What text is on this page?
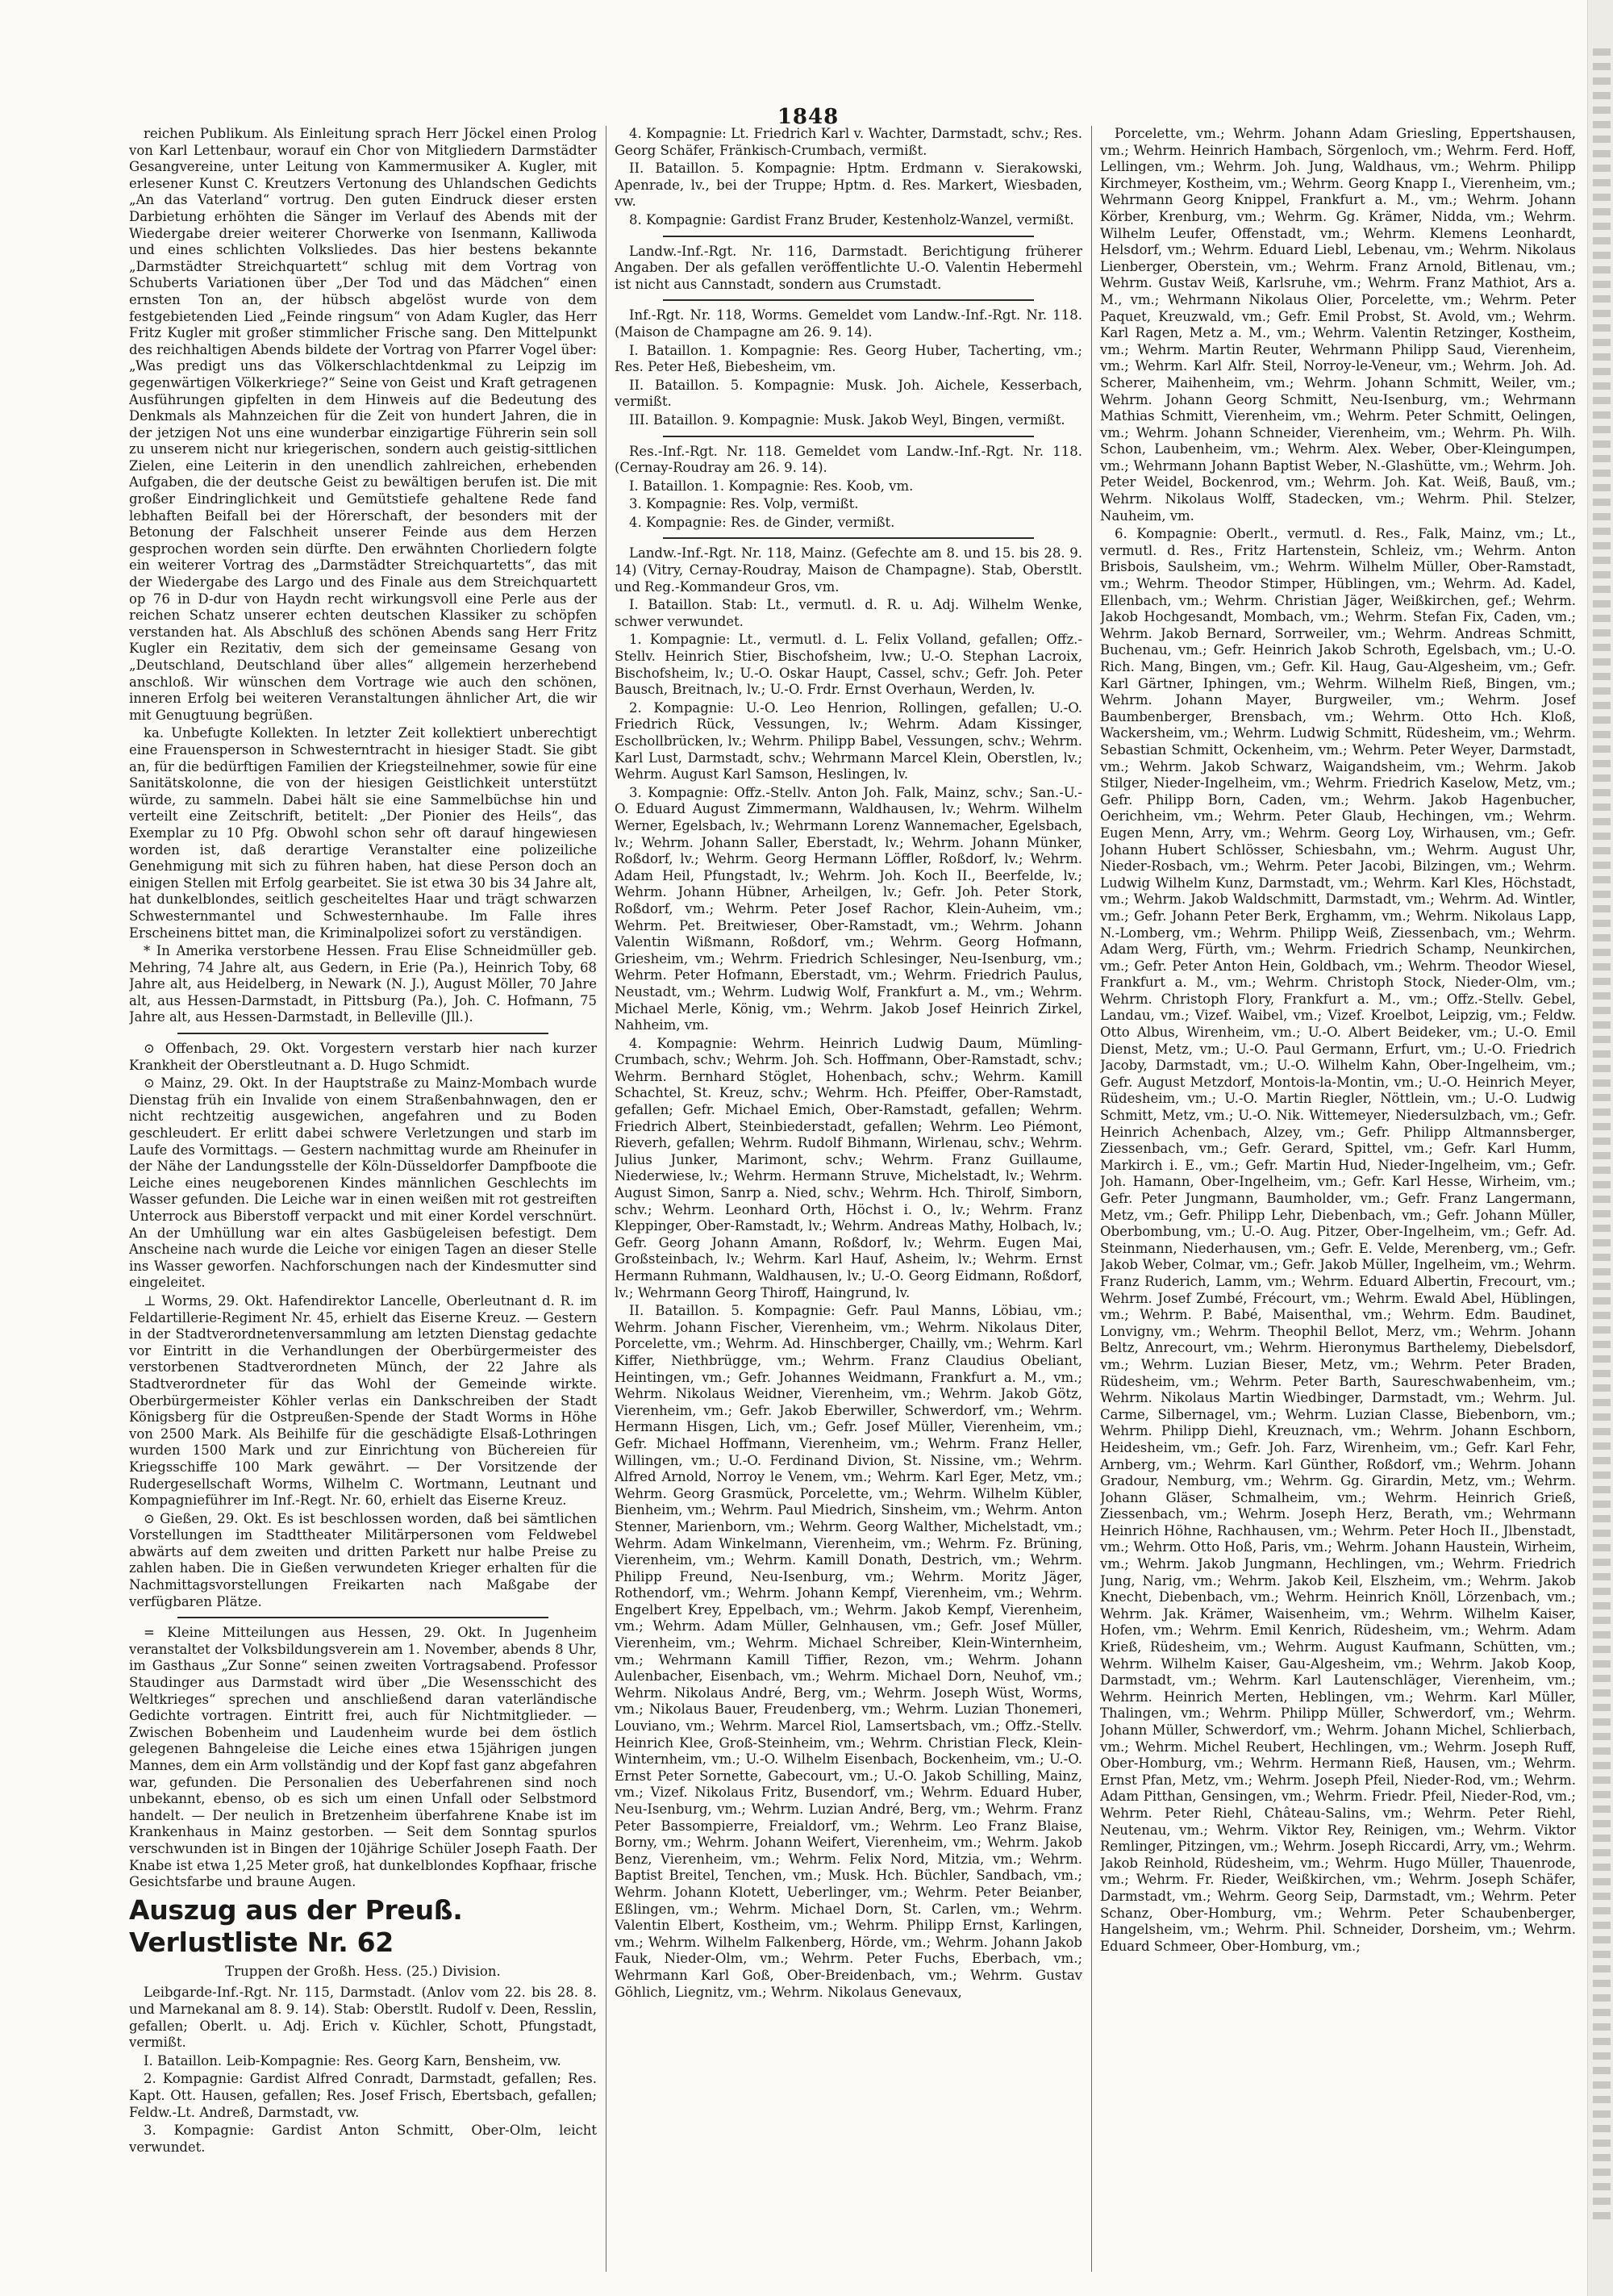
1848

reichen Publikum. Als Einleitung sprach Herr Jöckel einen Prolog von Karl Lettenbaur, worauf ein Chor von Mitgliedern Darmstädter Gesangvereine, unter Leitung von Kammermusiker A. Kugler, mit erlesener Kunst C. Kreutzers Vertonung des Uhlandschen Gedichts „An das Vaterland“ vortrug. Den guten Eindruck dieser ersten Darbietung erhöhten die Sänger im Verlauf des Abends mit der Wiedergabe dreier weiterer Chorwerke von Isenmann, Kalliwoda und eines schlichten Volksliedes. Das hier bestens bekannte „Darmstädter Streichquartett“ schlug mit dem Vortrag von Schuberts Variationen über „Der Tod und das Mädchen“ einen ernsten Ton an, der hübsch abgelöst wurde von dem festgebietenden Lied „Feinde ringsum“ von Adam Kugler, das Herr Fritz Kugler mit großer stimmlicher Frische sang. Den Mittelpunkt des reichhaltigen Abends bildete der Vortrag von Pfarrer Vogel über: „Was predigt uns das Völkerschlachtdenkmal zu Leipzig im gegenwärtigen Völkerkriege?“ Seine von Geist und Kraft getragenen Ausführungen gipfelten in dem Hinweis auf die Bedeutung des Denkmals als Mahnzeichen für die Zeit von hundert Jahren, die in der jetzigen Not uns eine wunderbar einzigartige Führerin sein soll zu unserem nicht nur kriegerischen, sondern auch geistig-sittlichen Zielen, eine Leiterin in den unendlich zahlreichen, erhebenden Aufgaben, die der deutsche Geist zu bewältigen berufen ist. Die mit großer Eindringlichkeit und Gemütstiefe gehaltene Rede fand lebhaften Beifall bei der Hörerschaft, der besonders mit der Betonung der Falschheit unserer Feinde aus dem Herzen gesprochen worden sein dürfte. Den erwähnten Chorliedern folgte ein weiterer Vortrag des „Darmstädter Streichquartetts“, das mit der Wiedergabe des Largo und des Finale aus dem Streichquartett op 76 in D-dur von Haydn recht wirkungsvoll eine Perle aus der reichen Schatz unserer echten deutschen Klassiker zu schöpfen verstanden hat. Als Abschluß des schönen Abends sang Herr Fritz Kugler ein Rezitativ, dem sich der gemeinsame Gesang von „Deutschland, Deutschland über alles“ allgemein herzerhebend anschloß. Wir wünschen dem Vortrage wie auch den schönen, inneren Erfolg bei weiteren Veranstaltungen ähnlicher Art, die wir mit Genugtuung begrüßen.

ka. Unbefugte Kollekten. In letzter Zeit kollektiert unberechtigt eine Frauensperson in Schwesterntracht in hiesiger Stadt. Sie gibt an, für die bedürftigen Familien der Kriegsteilnehmer, sowie für eine Sanitätskolonne, die von der hiesigen Geistlichkeit unterstützt würde, zu sammeln. Dabei hält sie eine Sammelbüchse hin und verteilt eine Zeitschrift, betitelt: „Der Pionier des Heils“, das Exemplar zu 10 Pfg. Obwohl schon sehr oft darauf hingewiesen worden ist, daß derartige Veranstalter eine polizeiliche Genehmigung mit sich zu führen haben, hat diese Person doch an einigen Stellen mit Erfolg gearbeitet. Sie ist etwa 30 bis 34 Jahre alt, hat dunkelblondes, seitlich gescheiteltes Haar und trägt schwarzen Schwesternmantel und Schwesternhaube. Im Falle ihres Erscheinens bittet man, die Kriminalpolizei sofort zu verständigen.

* In Amerika verstorbene Hessen. Frau Elise Schneidmüller geb. Mehring, 74 Jahre alt, aus Gedern, in Erie (Pa.), Heinrich Toby, 68 Jahre alt, aus Heidelberg, in Newark (N. J.), August Möller, 70 Jahre alt, aus Hessen-Darmstadt, in Pittsburg (Pa.), Joh. C. Hofmann, 75 Jahre alt, aus Hessen-Darmstadt, in Belleville (Jll.).

⊙ Offenbach, 29. Okt. Vorgestern verstarb hier nach kurzer Krankheit der Oberstleutnant a. D. Hugo Schmidt.

⊙ Mainz, 29. Okt. In der Hauptstraße zu Mainz-Mombach wurde Dienstag früh ein Invalide von einem Straßenbahnwagen, den er nicht rechtzeitig ausgewichen, angefahren und zu Boden geschleudert. Er erlitt dabei schwere Verletzungen und starb im Laufe des Vormittags. — Gestern nachmittag wurde am Rheinufer in der Nähe der Landungsstelle der Köln-Düsseldorfer Dampfboote die Leiche eines neugeborenen Kindes männlichen Geschlechts im Wasser gefunden. Die Leiche war in einen weißen mit rot gestreiften Unterrock aus Biberstoff verpackt und mit einer Kordel verschnürt. An der Umhüllung war ein altes Gasbügeleisen befestigt. Dem Anscheine nach wurde die Leiche vor einigen Tagen an dieser Stelle ins Wasser geworfen. Nachforschungen nach der Kindesmutter sind eingeleitet.

⊥ Worms, 29. Okt. Hafendirektor Lancelle, Oberleutnant d. R. im Feldartillerie-Regiment Nr. 45, erhielt das Eiserne Kreuz. — Gestern in der Stadtverordnetenversammlung am letzten Dienstag gedachte vor Eintritt in die Verhandlungen der Oberbürgermeister des verstorbenen Stadtverordneten Münch, der 22 Jahre als Stadtverordneter für das Wohl der Gemeinde wirkte. Oberbürgermeister Köhler verlas ein Dankschreiben der Stadt Königsberg für die Ostpreußen-Spende der Stadt Worms in Höhe von 2500 Mark. Als Beihilfe für die geschädigte Elsaß-Lothringen wurden 1500 Mark und zur Einrichtung von Büchereien für Kriegsschiffe 100 Mark gewährt. — Der Vorsitzende der Rudergesellschaft Worms, Wilhelm C. Wortmann, Leutnant und Kompagnieführer im Inf.-Regt. Nr. 60, erhielt das Eiserne Kreuz.

⊙ Gießen, 29. Okt. Es ist beschlossen worden, daß bei sämtlichen Vorstellungen im Stadttheater Militärpersonen vom Feldwebel abwärts auf dem zweiten und dritten Parkett nur halbe Preise zu zahlen haben. Die in Gießen verwundeten Krieger erhalten für die Nachmittagsvorstellungen Freikarten nach Maßgabe der verfügbaren Plätze.

= Kleine Mitteilungen aus Hessen, 29. Okt. In Jugenheim veranstaltet der Volksbildungsverein am 1. November, abends 8 Uhr, im Gasthaus „Zur Sonne“ seinen zweiten Vortragsabend. Professor Staudinger aus Darmstadt wird über „Die Wesensschicht des Weltkrieges“ sprechen und anschließend daran vaterländische Gedichte vortragen. Eintritt frei, auch für Nichtmitglieder. — Zwischen Bobenheim und Laudenheim wurde bei dem östlich gelegenen Bahngeleise die Leiche eines etwa 15jährigen jungen Mannes, dem ein Arm vollständig und der Kopf fast ganz abgefahren war, gefunden. Die Personalien des Ueberfahrenen sind noch unbekannt, ebenso, ob es sich um einen Unfall oder Selbstmord handelt. — Der neulich in Bretzenheim überfahrene Knabe ist im Krankenhaus in Mainz gestorben. — Seit dem Sonntag spurlos verschwunden ist in Bingen der 10jährige Schüler Joseph Faath. Der Knabe ist etwa 1,25 Meter groß, hat dunkelblondes Kopfhaar, frische Gesichtsfarbe und braune Augen.

Auszug aus der Preuß. Verlustliste Nr. 62

Truppen der Großh. Hess. (25.) Division.

Leibgarde-Inf.-Rgt. Nr. 115, Darmstadt. (Anlov vom 22. bis 28. 8. und Marnekanal am 8. 9. 14). Stab: Oberstlt. Rudolf v. Deen, Resslin, gefallen; Oberlt. u. Adj. Erich v. Küchler, Schott, Pfungstadt, vermißt.

I. Bataillon. Leib-Kompagnie: Res. Georg Karn, Bensheim, vw.

2. Kompagnie: Gardist Alfred Conradt, Darmstadt, gefallen; Res. Kapt. Ott. Hausen, gefallen; Res. Josef Frisch, Ebertsbach, gefallen; Feldw.-Lt. Andreß, Darmstadt, vw.

3. Kompagnie: Gardist Anton Schmitt, Ober-Olm, leicht verwundet.

4. Kompagnie: Lt. Friedrich Karl v. Wachter, Darmstadt, schv.; Res. Georg Schäfer, Fränkisch-Crumbach, vermißt.

II. Bataillon. 5. Kompagnie: Hptm. Erdmann v. Sierakowski, Apenrade, lv., bei der Truppe; Hptm. d. Res. Markert, Wiesbaden, vw.

8. Kompagnie: Gardist Franz Bruder, Kestenholz-Wanzel, vermißt.

Landw.-Inf.-Rgt. Nr. 116, Darmstadt. Berichtigung früherer Angaben. Der als gefallen veröffentlichte U.-O. Valentin Hebermehl ist nicht aus Cannstadt, sondern aus Crumstadt.

Inf.-Rgt. Nr. 118, Worms. Gemeldet vom Landw.-Inf.-Rgt. Nr. 118. (Maison de Champagne am 26. 9. 14).

I. Bataillon. 1. Kompagnie: Res. Georg Huber, Tacherting, vm.; Res. Peter Heß, Biebesheim, vm.

II. Bataillon. 5. Kompagnie: Musk. Joh. Aichele, Kesserbach, vermißt.

III. Bataillon. 9. Kompagnie: Musk. Jakob Weyl, Bingen, vermißt.

Res.-Inf.-Rgt. Nr. 118. Gemeldet vom Landw.-Inf.-Rgt. Nr. 118. (Cernay-Roudray am 26. 9. 14).

I. Bataillon. 1. Kompagnie: Res. Koob, vm.

3. Kompagnie: Res. Volp, vermißt.

4. Kompagnie: Res. de Ginder, vermißt.

Landw.-Inf.-Rgt. Nr. 118, Mainz. (Gefechte am 8. und 15. bis 28. 9. 14) (Vitry, Cernay-Roudray, Maison de Champagne). Stab, Oberstlt. und Reg.-Kommandeur Gros, vm.

I. Bataillon. Stab: Lt., vermutl. d. R. u. Adj. Wilhelm Wenke, schwer verwundet.

1. Kompagnie: Lt., vermutl. d. L. Felix Volland, gefallen; Offz.-Stellv. Heinrich Stier, Bischofsheim, lvw.; U.-O. Stephan Lacroix, Bischofsheim, lv.; U.-O. Oskar Haupt, Cassel, schv.; Gefr. Joh. Peter Bausch, Breitnach, lv.; U.-O. Frdr. Ernst Overhaun, Werden, lv.

2. Kompagnie: U.-O. Leo Henrion, Rollingen, gefallen; U.-O. Friedrich Rück, Vessungen, lv.; Wehrm. Adam Kissinger, Eschollbrücken, lv.; Wehrm. Philipp Babel, Vessungen, schv.; Wehrm. Karl Lust, Darmstadt, schv.; Wehrmann Marcel Klein, Oberstlen, lv.; Wehrm. August Karl Samson, Heslingen, lv.

3. Kompagnie: Offz.-Stellv. Anton Joh. Falk, Mainz, schv.; San.-U.-O. Eduard August Zimmermann, Waldhausen, lv.; Wehrm. Wilhelm Werner, Egelsbach, lv.; Wehrmann Lorenz Wannemacher, Egelsbach, lv.; Wehrm. Johann Saller, Eberstadt, lv.; Wehrm. Johann Münker, Roßdorf, lv.; Wehrm. Georg Hermann Löffler, Roßdorf, lv.; Wehrm. Adam Heil, Pfungstadt, lv.; Wehrm. Joh. Koch II., Beerfelde, lv.; Wehrm. Johann Hübner, Arheilgen, lv.; Gefr. Joh. Peter Stork, Roßdorf, vm.; Wehrm. Peter Josef Rachor, Klein-Auheim, vm.; Wehrm. Pet. Breitwieser, Ober-Ramstadt, vm.; Wehrm. Johann Valentin Wißmann, Roßdorf, vm.; Wehrm. Georg Hofmann, Griesheim, vm.; Wehrm. Friedrich Schlesinger, Neu-Isenburg, vm.; Wehrm. Peter Hofmann, Eberstadt, vm.; Wehrm. Friedrich Paulus, Neustadt, vm.; Wehrm. Ludwig Wolf, Frankfurt a. M., vm.; Wehrm. Michael Merle, König, vm.; Wehrm. Jakob Josef Heinrich Zirkel, Nahheim, vm.

4. Kompagnie: Wehrm. Heinrich Ludwig Daum, Mümling-Crumbach, schv.; Wehrm. Joh. Sch. Hoffmann, Ober-Ramstadt, schv.; Wehrm. Bernhard Stöglet, Hohenbach, schv.; Wehrm. Kamill Schachtel, St. Kreuz, schv.; Wehrm. Hch. Pfeiffer, Ober-Ramstadt, gefallen; Gefr. Michael Emich, Ober-Ramstadt, gefallen; Wehrm. Friedrich Albert, Steinbiederstadt, gefallen; Wehrm. Leo Piémont, Rieverh, gefallen; Wehrm. Rudolf Bihmann, Wirlenau, schv.; Wehrm. Julius Junker, Marimont, schv.; Wehrm. Franz Guillaume, Niederwiese, lv.; Wehrm. Hermann Struve, Michelstadt, lv.; Wehrm. August Simon, Sanrp a. Nied, schv.; Wehrm. Hch. Thirolf, Simborn, schv.; Wehrm. Leonhard Orth, Höchst i. O., lv.; Wehrm. Franz Kleppinger, Ober-Ramstadt, lv.; Wehrm. Andreas Mathy, Holbach, lv.; Gefr. Georg Johann Amann, Roßdorf, lv.; Wehrm. Eugen Mai, Großsteinbach, lv.; Wehrm. Karl Hauf, Asheim, lv.; Wehrm. Ernst Hermann Ruhmann, Waldhausen, lv.; U.-O. Georg Eidmann, Roßdorf, lv.; Wehrmann Georg Thiroff, Haingrund, lv.

II. Bataillon. 5. Kompagnie: Gefr. Paul Manns, Löbiau, vm.; Wehrm. Johann Fischer, Vierenheim, vm.; Wehrm. Nikolaus Diter, Porcelette, vm.; Wehrm. Ad. Hinschberger, Chailly, vm.; Wehrm. Karl Kiffer, Niethbrügge, vm.; Wehrm. Franz Claudius Obeliant, Heintingen, vm.; Gefr. Johannes Weidmann, Frankfurt a. M., vm.; Wehrm. Nikolaus Weidner, Vierenheim, vm.; Wehrm. Jakob Götz, Vierenheim, vm.; Gefr. Jakob Eberwiller, Schwerdorf, vm.; Wehrm. Hermann Hisgen, Lich, vm.; Gefr. Josef Müller, Vierenheim, vm.; Gefr. Michael Hoffmann, Vierenheim, vm.; Wehrm. Franz Heller, Willingen, vm.; U.-O. Ferdinand Divion, St. Nissine, vm.; Wehrm. Alfred Arnold, Norroy le Venem, vm.; Wehrm. Karl Eger, Metz, vm.; Wehrm. Georg Grasmück, Porcelette, vm.; Wehrm. Wilhelm Kübler, Bienheim, vm.; Wehrm. Paul Miedrich, Sinsheim, vm.; Wehrm. Anton Stenner, Marienborn, vm.; Wehrm. Georg Walther, Michelstadt, vm.; Wehrm. Adam Winkelmann, Vierenheim, vm.; Wehrm. Fz. Brüning, Vierenheim, vm.; Wehrm. Kamill Donath, Destrich, vm.; Wehrm. Philipp Freund, Neu-Isenburg, vm.; Wehrm. Moritz Jäger, Rothendorf, vm.; Wehrm. Johann Kempf, Vierenheim, vm.; Wehrm. Engelbert Krey, Eppelbach, vm.; Wehrm. Jakob Kempf, Vierenheim, vm.; Wehrm. Adam Müller, Gelnhausen, vm.; Gefr. Josef Müller, Vierenheim, vm.; Wehrm. Michael Schreiber, Klein-Winternheim, vm.; Wehrmann Kamill Tiffier, Rezon, vm.; Wehrm. Johann Aulenbacher, Eisenbach, vm.; Wehrm. Michael Dorn, Neuhof, vm.; Wehrm. Nikolaus André, Berg, vm.; Wehrm. Joseph Wüst, Worms, vm.; Nikolaus Bauer, Freudenberg, vm.; Wehrm. Luzian Thonemeri, Louviano, vm.; Wehrm. Marcel Riol, Lamsertsbach, vm.; Offz.-Stellv. Heinrich Klee, Groß-Steinheim, vm.; Wehrm. Christian Fleck, Klein-Winternheim, vm.; U.-O. Wilhelm Eisenbach, Bockenheim, vm.; U.-O. Ernst Peter Sornette, Gabecourt, vm.; U.-O. Jakob Schilling, Mainz, vm.; Vizef. Nikolaus Fritz, Busendorf, vm.; Wehrm. Eduard Huber, Neu-Isenburg, vm.; Wehrm. Luzian André, Berg, vm.; Wehrm. Franz Peter Bassompierre, Freialdorf, vm.; Wehrm. Leo Franz Blaise, Borny, vm.; Wehrm. Johann Weifert, Vierenheim, vm.; Wehrm. Jakob Benz, Vierenheim, vm.; Wehrm. Felix Nord, Mitzia, vm.; Wehrm. Baptist Breitel, Tenchen, vm.; Musk. Hch. Büchler, Sandbach, vm.; Wehrm. Johann Klotett, Ueberlinger, vm.; Wehrm. Peter Beianber, Eßlingen, vm.; Wehrm. Michael Dorn, St. Carlen, vm.; Wehrm. Valentin Elbert, Kostheim, vm.; Wehrm. Philipp Ernst, Karlingen, vm.; Wehrm. Wilhelm Falkenberg, Hörde, vm.; Wehrm. Johann Jakob Fauk, Nieder-Olm, vm.; Wehrm. Peter Fuchs, Eberbach, vm.; Wehrmann Karl Goß, Ober-Breidenbach, vm.; Wehrm. Gustav Göhlich, Liegnitz, vm.; Wehrm. Nikolaus Genevaux,

Porcelette, vm.; Wehrm. Johann Adam Griesling, Eppertshausen, vm.; Wehrm. Heinrich Hambach, Sörgenloch, vm.; Wehrm. Ferd. Hoff, Lellingen, vm.; Wehrm. Joh. Jung, Waldhaus, vm.; Wehrm. Philipp Kirchmeyer, Kostheim, vm.; Wehrm. Georg Knapp I., Vierenheim, vm.; Wehrmann Georg Knippel, Frankfurt a. M., vm.; Wehrm. Johann Körber, Krenburg, vm.; Wehrm. Gg. Krämer, Nidda, vm.; Wehrm. Wilhelm Leufer, Offenstadt, vm.; Wehrm. Klemens Leonhardt, Helsdorf, vm.; Wehrm. Eduard Liebl, Lebenau, vm.; Wehrm. Nikolaus Lienberger, Oberstein, vm.; Wehrm. Franz Arnold, Bitlenau, vm.; Wehrm. Gustav Weiß, Karlsruhe, vm.; Wehrm. Franz Mathiot, Ars a. M., vm.; Wehrmann Nikolaus Olier, Porcelette, vm.; Wehrm. Peter Paquet, Kreuzwald, vm.; Gefr. Emil Probst, St. Avold, vm.; Wehrm. Karl Ragen, Metz a. M., vm.; Wehrm. Valentin Retzinger, Kostheim, vm.; Wehrm. Martin Reuter, Wehrmann Philipp Saud, Vierenheim, vm.; Wehrm. Karl Alfr. Steil, Norroy-le-Veneur, vm.; Wehrm. Joh. Ad. Scherer, Maihenheim, vm.; Wehrm. Johann Schmitt, Weiler, vm.; Wehrm. Johann Georg Schmitt, Neu-Isenburg, vm.; Wehrmann Mathias Schmitt, Vierenheim, vm.; Wehrm. Peter Schmitt, Oelingen, vm.; Wehrm. Johann Schneider, Vierenheim, vm.; Wehrm. Ph. Wilh. Schon, Laubenheim, vm.; Wehrm. Alex. Weber, Ober-Kleingumpen, vm.; Wehrmann Johann Baptist Weber, N.-Glashütte, vm.; Wehrm. Joh. Peter Weidel, Bockenrod, vm.; Wehrm. Joh. Kat. Weiß, Bauß, vm.; Wehrm. Nikolaus Wolff, Stadecken, vm.; Wehrm. Phil. Stelzer, Nauheim, vm.

6. Kompagnie: Oberlt., vermutl. d. Res., Falk, Mainz, vm.; Lt., vermutl. d. Res., Fritz Hartenstein, Schleiz, vm.; Wehrm. Anton Brisbois, Saulsheim, vm.; Wehrm. Wilhelm Müller, Ober-Ramstadt, vm.; Wehrm. Theodor Stimper, Hüblingen, vm.; Wehrm. Ad. Kadel, Ellenbach, vm.; Wehrm. Christian Jäger, Weißkirchen, gef.; Wehrm. Jakob Hochgesandt, Mombach, vm.; Wehrm. Stefan Fix, Caden, vm.; Wehrm. Jakob Bernard, Sorrweiler, vm.; Wehrm. Andreas Schmitt, Buchenau, vm.; Gefr. Heinrich Jakob Schroth, Egelsbach, vm.; U.-O. Rich. Mang, Bingen, vm.; Gefr. Kil. Haug, Gau-Algesheim, vm.; Gefr. Karl Gärtner, Iphingen, vm.; Wehrm. Wilhelm Rieß, Bingen, vm.; Wehrm. Johann Mayer, Burgweiler, vm.; Wehrm. Josef Baumbenberger, Brensbach, vm.; Wehrm. Otto Hch. Kloß, Wackersheim, vm.; Wehrm. Ludwig Schmitt, Rüdesheim, vm.; Wehrm. Sebastian Schmitt, Ockenheim, vm.; Wehrm. Peter Weyer, Darmstadt, vm.; Wehrm. Jakob Schwarz, Waigandsheim, vm.; Wehrm. Jakob Stilger, Nieder-Ingelheim, vm.; Wehrm. Friedrich Kaselow, Metz, vm.; Gefr. Philipp Born, Caden, vm.; Wehrm. Jakob Hagenbucher, Oerichheim, vm.; Wehrm. Peter Glaub, Hechingen, vm.; Wehrm. Eugen Menn, Arry, vm.; Wehrm. Georg Loy, Wirhausen, vm.; Gefr. Johann Hubert Schlösser, Schiesbahn, vm.; Wehrm. August Uhr, Nieder-Rosbach, vm.; Wehrm. Peter Jacobi, Bilzingen, vm.; Wehrm. Ludwig Wilhelm Kunz, Darmstadt, vm.; Wehrm. Karl Kles, Höchstadt, vm.; Wehrm. Jakob Waldschmitt, Darmstadt, vm.; Wehrm. Ad. Wintler, vm.; Gefr. Johann Peter Berk, Erghamm, vm.; Wehrm. Nikolaus Lapp, N.-Lomberg, vm.; Wehrm. Philipp Weiß, Ziessenbach, vm.; Wehrm. Adam Werg, Fürth, vm.; Wehrm. Friedrich Schamp, Neunkirchen, vm.; Gefr. Peter Anton Hein, Goldbach, vm.; Wehrm. Theodor Wiesel, Frankfurt a. M., vm.; Wehrm. Christoph Stock, Nieder-Olm, vm.; Wehrm. Christoph Flory, Frankfurt a. M., vm.; Offz.-Stellv. Gebel, Landau, vm.; Vizef. Waibel, vm.; Vizef. Kroelbot, Leipzig, vm.; Feldw. Otto Albus, Wirenheim, vm.; U.-O. Albert Beideker, vm.; U.-O. Emil Dienst, Metz, vm.; U.-O. Paul Germann, Erfurt, vm.; U.-O. Friedrich Jacoby, Darmstadt, vm.; U.-O. Wilhelm Kahn, Ober-Ingelheim, vm.; Gefr. August Metzdorf, Montois-la-Montin, vm.; U.-O. Heinrich Meyer, Rüdesheim, vm.; U.-O. Martin Riegler, Nöttlein, vm.; U.-O. Ludwig Schmitt, Metz, vm.; U.-O. Nik. Wittemeyer, Niedersulzbach, vm.; Gefr. Heinrich Achenbach, Alzey, vm.; Gefr. Philipp Altmannsberger, Ziessenbach, vm.; Gefr. Gerard, Spittel, vm.; Gefr. Karl Humm, Markirch i. E., vm.; Gefr. Martin Hud, Nieder-Ingelheim, vm.; Gefr. Joh. Hamann, Ober-Ingelheim, vm.; Gefr. Karl Hesse, Wirheim, vm.; Gefr. Peter Jungmann, Baumholder, vm.; Gefr. Franz Langermann, Metz, vm.; Gefr. Philipp Lehr, Diebenbach, vm.; Gefr. Johann Müller, Oberbombung, vm.; U.-O. Aug. Pitzer, Ober-Ingelheim, vm.; Gefr. Ad. Steinmann, Niederhausen, vm.; Gefr. E. Velde, Merenberg, vm.; Gefr. Jakob Weber, Colmar, vm.; Gefr. Jakob Müller, Ingelheim, vm.; Wehrm. Franz Ruderich, Lamm, vm.; Wehrm. Eduard Albertin, Frecourt, vm.; Wehrm. Josef Zumbé, Frécourt, vm.; Wehrm. Ewald Abel, Hüblingen, vm.; Wehrm. P. Babé, Maisenthal, vm.; Wehrm. Edm. Baudinet, Lonvigny, vm.; Wehrm. Theophil Bellot, Merz, vm.; Wehrm. Johann Beltz, Anrecourt, vm.; Wehrm. Hieronymus Barthelemy, Diebelsdorf, vm.; Wehrm. Luzian Bieser, Metz, vm.; Wehrm. Peter Braden, Rüdesheim, vm.; Wehrm. Peter Barth, Saureschwabenheim, vm.; Wehrm. Nikolaus Martin Wiedbinger, Darmstadt, vm.; Wehrm. Jul. Carme, Silbernagel, vm.; Wehrm. Luzian Classe, Biebenborn, vm.; Wehrm. Philipp Diehl, Kreuznach, vm.; Wehrm. Johann Eschborn, Heidesheim, vm.; Gefr. Joh. Farz, Wirenheim, vm.; Gefr. Karl Fehr, Arnberg, vm.; Wehrm. Karl Günther, Roßdorf, vm.; Wehrm. Johann Gradour, Nemburg, vm.; Wehrm. Gg. Girardin, Metz, vm.; Wehrm. Johann Gläser, Schmalheim, vm.; Wehrm. Heinrich Grieß, Ziessenbach, vm.; Wehrm. Joseph Herz, Berath, vm.; Wehrmann Heinrich Höhne, Rachhausen, vm.; Wehrm. Peter Hoch II., Jlbenstadt, vm.; Wehrm. Otto Hoß, Paris, vm.; Wehrm. Johann Haustein, Wirheim, vm.; Wehrm. Jakob Jungmann, Hechlingen, vm.; Wehrm. Friedrich Jung, Narig, vm.; Wehrm. Jakob Keil, Elszheim, vm.; Wehrm. Jakob Knecht, Diebenbach, vm.; Wehrm. Heinrich Knöll, Lörzenbach, vm.; Wehrm. Jak. Krämer, Waisenheim, vm.; Wehrm. Wilhelm Kaiser, Hofen, vm.; Wehrm. Emil Kenrich, Rüdesheim, vm.; Wehrm. Adam Krieß, Rüdesheim, vm.; Wehrm. August Kaufmann, Schütten, vm.; Wehrm. Wilhelm Kaiser, Gau-Algesheim, vm.; Wehrm. Jakob Koop, Darmstadt, vm.; Wehrm. Karl Lautenschläger, Vierenheim, vm.; Wehrm. Heinrich Merten, Heblingen, vm.; Wehrm. Karl Müller, Thalingen, vm.; Wehrm. Philipp Müller, Schwerdorf, vm.; Wehrm. Johann Müller, Schwerdorf, vm.; Wehrm. Johann Michel, Schlierbach, vm.; Wehrm. Michel Reubert, Hechlingen, vm.; Wehrm. Joseph Ruff, Ober-Homburg, vm.; Wehrm. Hermann Rieß, Hausen, vm.; Wehrm. Ernst Pfan, Metz, vm.; Wehrm. Joseph Pfeil, Nieder-Rod, vm.; Wehrm. Adam Pitthan, Gensingen, vm.; Wehrm. Friedr. Pfeil, Nieder-Rod, vm.; Wehrm. Peter Riehl, Château-Salins, vm.; Wehrm. Peter Riehl, Neutenau, vm.; Wehrm. Viktor Rey, Reinigen, vm.; Wehrm. Viktor Remlinger, Pitzingen, vm.; Wehrm. Joseph Riccardi, Arry, vm.; Wehrm. Jakob Reinhold, Rüdesheim, vm.; Wehrm. Hugo Müller, Thauenrode, vm.; Wehrm. Fr. Rieder, Weißkirchen, vm.; Wehrm. Joseph Schäfer, Darmstadt, vm.; Wehrm. Georg Seip, Darmstadt, vm.; Wehrm. Peter Schanz, Ober-Homburg, vm.; Wehrm. Peter Schaubenberger, Hangelsheim, vm.; Wehrm. Phil. Schneider, Dorsheim, vm.; Wehrm. Eduard Schmeer, Ober-Homburg, vm.;
